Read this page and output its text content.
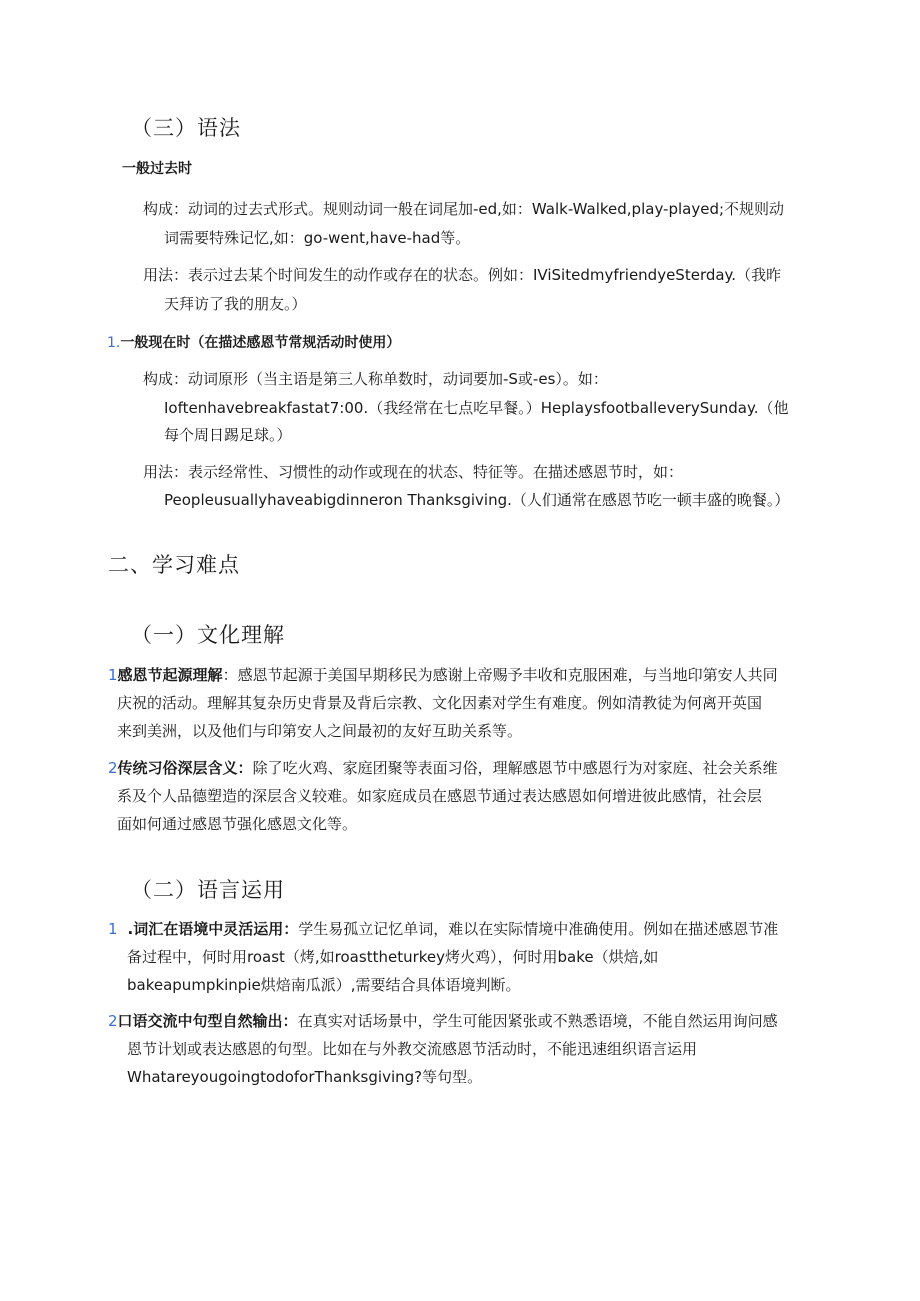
（三）语法
一般过去时
构成：动词的过去式形式。规则动词一般在词尾加-ed,如：Walk-Walked,play-played;不规则动
词需要特殊记忆,如：go-went,have-had等。
用法：表示过去某个时间发生的动作或存在的状态。例如：IViSitedmyfriendyeSterday.（我昨
天拜访了我的朋友。）
1.一般现在时（在描述感恩节常规活动时使用）
构成：动词原形（当主语是第三人称单数时，动词要加-S或-es）。如：
Ioftenhavebreakfastat7:00.（我经常在七点吃早餐。）HeplaysfootballeverySunday.（他
每个周日踢足球。）
用法：表示经常性、习惯性的动作或现在的状态、特征等。在描述感恩节时，如：
Peopleusuallyhaveabigdinneron Thanksgiving.（人们通常在感恩节吃一顿丰盛的晚餐。）
二、学习难点
（一）文化理解
1感恩节起源理解：感恩节起源于美国早期移民为感谢上帝赐予丰收和克服困难，与当地印第安人共同
庆祝的活动。理解其复杂历史背景及背后宗教、文化因素对学生有难度。例如清教徒为何离开英国
来到美洲，以及他们与印第安人之间最初的友好互助关系等。
2传统习俗深层含义：除了吃火鸡、家庭团聚等表面习俗，理解感恩节中感恩行为对家庭、社会关系维
系及个人品德塑造的深层含义较难。如家庭成员在感恩节通过表达感恩如何增进彼此感情，社会层
面如何通过感恩节强化感恩文化等。
（二）语言运用
1 .词汇在语境中灵活运用：学生易孤立记忆单词，难以在实际情境中准确使用。例如在描述感恩节准
备过程中，何时用roast（烤,如roasttheturkey烤火鸡），何时用bake（烘焙,如
bakeapumpkinpie烘焙南瓜派）,需要结合具体语境判断。
2口语交流中句型自然输出：在真实对话场景中，学生可能因紧张或不熟悉语境，不能自然运用询问感
恩节计划或表达感恩的句型。比如在与外教交流感恩节活动时，不能迅速组织语言运用
WhatareyougoingtodoforThanksgiving?等句型。
